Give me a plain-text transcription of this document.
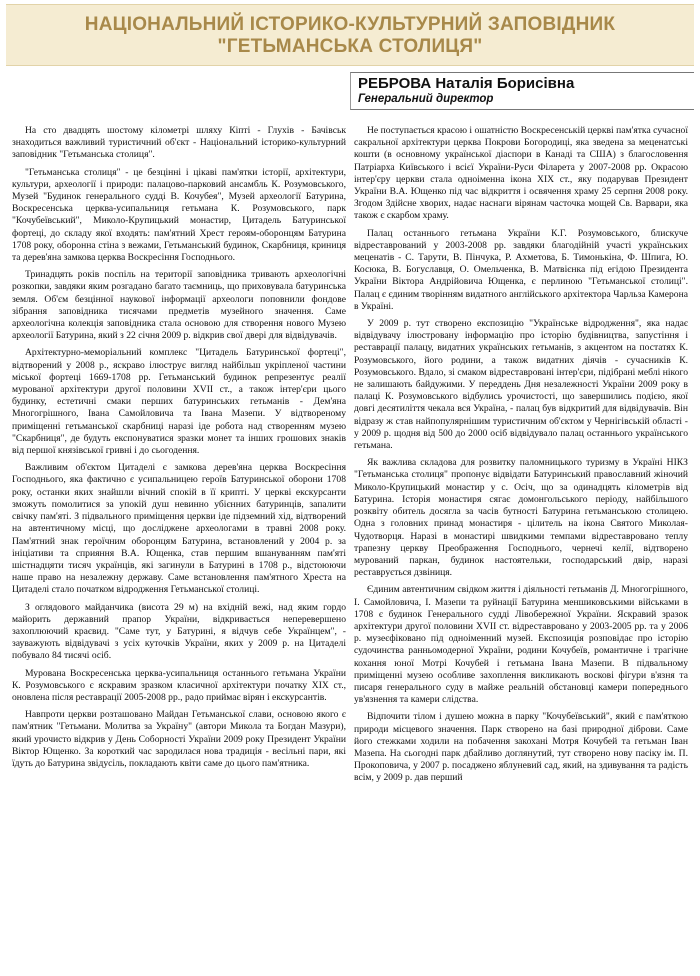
НАЦІОНАЛЬНИЙ ІСТОРИКО-КУЛЬТУРНИЙ ЗАПОВІДНИК
"ГЕТЬМАНСЬКА СТОЛИЦЯ"
РЕБРОВА Наталія Борисівна
Генеральний директор

На сто двадцять шостому кілометрі шляху Кіпті - Глухів - Бачівськ знаходиться важливий туристичний об'єкт - Національний історико-культурний заповідник "Гетьманська столиця".

"Гетьманська столиця" - це безцінні і цікаві пам'ятки історії, архітектури, культури, археології і природи: палацово-парковий ансамбль К. Розумовського, Музей "Будинок генерального судді В. Кочубея", Музей археології Батурина, Воскресенська церква-усипальниця гетьмана К. Розумовського, парк "Кочубеївський", Миколо-Крупицький монастир, Цитадель Батуринської фортеці, до складу якої входять: пам'ятний Хрест героям-оборонцям Батурина 1708 року, оборонна стіна з вежами, Гетьманський будинок, Скарбниця, криниця та дерев'яна замкова церква Воскресіння Господнього.

Тринадцять років поспіль на території заповідника тривають археологічні розкопки, завдяки яким розгадано багато таємниць, що приховувала батуринська земля. Об'єм безцінної наукової інформації археологи поповнили фондове зібрання заповідника тисячами предметів музейного значення. Саме археологічна колекція заповідника стала основою для створення нового Музею археології Батурина, який з 22 січня 2009 р. відкрив свої двері для відвідувачів.

Архітектурно-меморіальний комплекс "Цитадель Батуринської фортеці", відтворений у 2008 р., яскраво ілюструє вигляд найбільш укріпленої частини міської фортеці 1669-1708 рр. Гетьманський будинок репрезентує реалії мурованої архітектури другої половини XVII ст., а також інтер'єри цього будинку, естетичні смаки перших батуринських гетьманів - Дем'яна Многогрішного, Івана Самойловича та Івана Мазепи. У відтвореному приміщенні гетьманської скарбниці наразі іде робота над створенням музею "Скарбниця", де будуть експонуватися зразки монет та інших грошових знаків від першої князівської гривні і до сьогодення.

Важливим об'єктом Цитаделі є замкова дерев'яна церква Воскресіння Господнього, яка фактично є усипальницею героїв Батуринської оборони 1708 року, останки яких знайшли вічний спокій в її крипті. У церкві екскурсанти зможуть помолитися за упокій душ невинно убієнних батуринців, запалити свічку пам'яті. З підвального приміщення церкви іде підземний хід, відтворений на автентичному місці, що досліджене археологами в травні 2008 року. Пам'ятний знак героїчним оборонцям Батурина, встановлений у 2004 р. за ініціативи та сприяння В.А. Ющенка, став першим вшануванням пам'яті шістнадцяти тисяч українців, які загинули в Батурині в 1708 р., відстоюючи наше право на незалежну державу. Саме встановлення пам'ятного Хреста на Цитаделі стало початком відродження Гетьманської столиці.

З оглядового майданчика (висота 29 м) на вхідній вежі, над яким гордо майорить державний прапор України, відкривається неперевершено захоплюючий краєвид. "Саме тут, у Батурині, я відчув себе Українцем", - зауважують відвідувачі з усіх куточків України, яких у 2009 р. на Цитаделі побувало 84 тисячі осіб.

Мурована Воскресенська церква-усипальниця останнього гетьмана України К. Розумовського є яскравим зразком класичної архітектури початку XIX ст., оновлена після реставрації 2005-2008 рр., радо приймає вірян і екскурсантів.

Навпроти церкви розташовано Майдан Гетьманської слави, основою якого є пам'ятник "Гетьмани. Молитва за Україну" (автори Микола та Богдан Мазури), який урочисто відкрив у День Соборності України 2009 року Президент України Віктор Ющенко. За короткий час зародилася нова традиція - весільні пари, які їдуть до Батурина звідусіль, покладають квіти саме до цього пам'ятника.

Не поступається красою і ошатністю Воскресенській церкві пам'ятка сучасної сакральної архітектури церква Покрови Богородиці, яка зведена за меценатські кошти (в основному української діаспори в Канаді та США) з благословення Патріарха Київського і всієї України-Руси Філарета у 2007-2008 рр. Окрасою інтер'єру церкви стала одноіменна ікона XIX ст., яку подарував Президент України В.А. Ющенко під час відкриття і освячення храму 25 серпня 2008 року. Згодом Здійсне хворих, надає наснаги вірянам часточка мощей Св. Варвари, яка також є скарбом храму.

Палац останнього гетьмана України К.Г. Розумовського, блискуче відреставрований у 2003-2008 рр. завдяки благодійній участі українських меценатів - С. Тарути, В. Пінчука, Р. Ахметова, Б. Тимонькіна, Ф. Шпига, Ю. Косюка, В. Богуславця, О. Омельченка, В. Матвієнка під егідою Президента України Віктора Андрійовича Ющенка, є перлиною "Гетьманської столиці". Палац є єдиним творінням видатного англійського архітектора Чарльза Камерона в Україні.

У 2009 р. тут створено експозицію "Українське відродження", яка надає відвідувачу ілюстровану інформацію про історію будівництва, запустіння і реставрації палацу, видатних українських гетьманів, з акцентом на постатях К. Розумовського, його родини, а також видатних діячів - сучасників К. Розумовського. Вдало, зі смаком відреставровані інтер'єри, підібрані меблі нікого не залишають байдужими. У переддень Дня незалежності України 2009 року в палаці К. Розумовського відбулись урочистості, що завершились подією, якої довгі десятиліття чекала вся Україна, - палац був відкритий для відвідувачів. Він відразу ж став найпопулярнішим туристичним об'єктом у Чернігівській області - у 2009 р. щодня від 500 до 2000 осіб відвідувало палац останнього українського гетьмана.

Як важлива складова для розвитку паломницького туризму в Україні НІКЗ "Гетьманська столиця" пропонує відвідати Батуринський православний жіночий Миколо-Крупицький монастир у с. Осіч, що за одинадцять кілометрів від Батурина. Історія монастиря сягає домонгольського періоду, найбільшого розквіту обитель досягла за часів бутності Батурина гетьманською столицею. Одна з головних принад монастиря - цілитель на ікона Святого Миколая-Чудотворця. Наразі в монастирі швидкими темпами відреставровано теплу трапезну церкву Преображення Господнього, чернечі келії, відтворено мурований паркан, будинок настоятельки, господарський двір, наразі реставрується дзвіниця.

Єдиним автентичним свідком життя і діяльності гетьманів Д. Многогрішного, І. Самойловича, І. Мазепи та руйнації Батурина меншиковськими військами в 1708 є будинок Генерального судді Лівобережної України. Яскравий зразок архітектури другої половини XVII ст. відреставровано у 2003-2005 рр. та у 2006 р. музеєфіковано під одноіменний музей. Експозиція розповідає про історію судочинства ранньомодерної України, родини Кочубеїв, романтичне і трагічне кохання юної Мотрі Кочубей і гетьмана Івана Мазепи. В підвальному приміщенні музею особливе захоплення викликають воскові фігури в'язня та писаря генерального суду в майже реальній обстановці камери попереднього ув'язнення та камери слідства.

Відпочити тілом і душею можна в парку "Кочубеївський", який є пам'яткою природи місцевого значення. Парк створено на базі природної діброви. Саме його стежками ходили на побачення закохані Мотря Кочубей та гетьман Іван Мазепа. На сьогодні парк дбайливо доглянутий, тут створено нову пасіку ім. П. Прокоповича, у 2007 р. посаджено яблуневий сад, який, на здивування та радість всім, у 2009 р. дав перший
